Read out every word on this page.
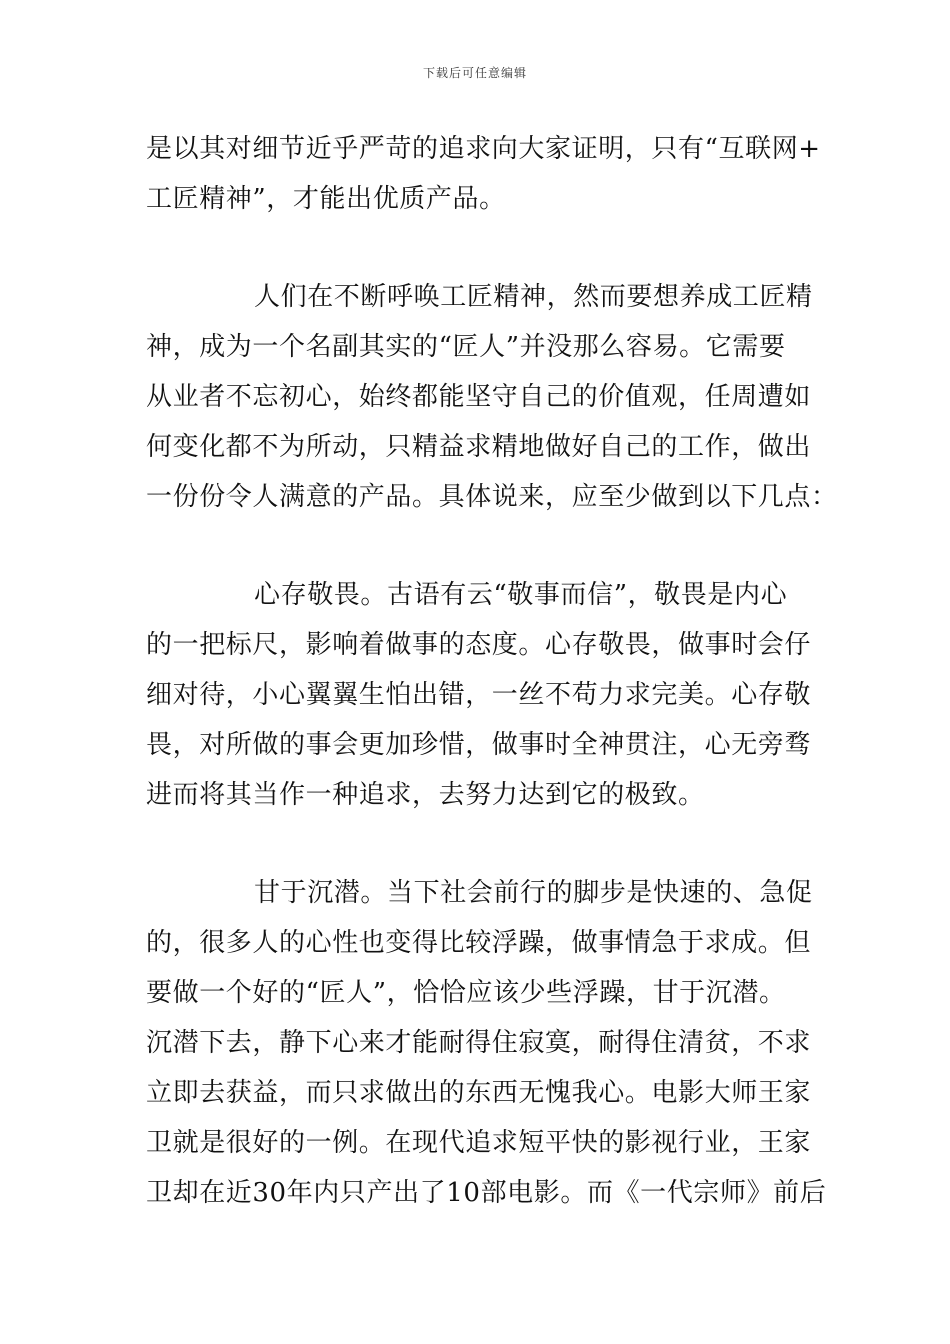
下载后可任意编辑

是以其对细节近乎严苛的追求向大家证明，只有“互联网+
工匠精神”，才能出优质产品。

人们在不断呼唤工匠精神，然而要想养成工匠精
神，成为一个名副其实的“匠人”并没那么容易。它需要
从业者不忘初心，始终都能坚守自己的价值观，任周遭如
何变化都不为所动，只精益求精地做好自己的工作，做出
一份份令人满意的产品。具体说来，应至少做到以下几点：

心存敬畏。古语有云“敬事而信”，敬畏是内心
的一把标尺，影响着做事的态度。心存敬畏，做事时会仔
细对待，小心翼翼生怕出错，一丝不苟力求完美。心存敬
畏，对所做的事会更加珍惜，做事时全神贯注，心无旁骛
进而将其当作一种追求，去努力达到它的极致。

甘于沉潜。当下社会前行的脚步是快速的、急促
的，很多人的心性也变得比较浮躁，做事情急于求成。但
要做一个好的“匠人”，恰恰应该少些浮躁，甘于沉潜。
沉潜下去，静下心来才能耐得住寂寞，耐得住清贫，不求
立即去获益，而只求做出的东西无愧我心。电影大师王家
卫就是很好的一例。在现代追求短平快的影视行业，王家
卫却在近30年内只产出了10部电影。而《一代宗师》前后
